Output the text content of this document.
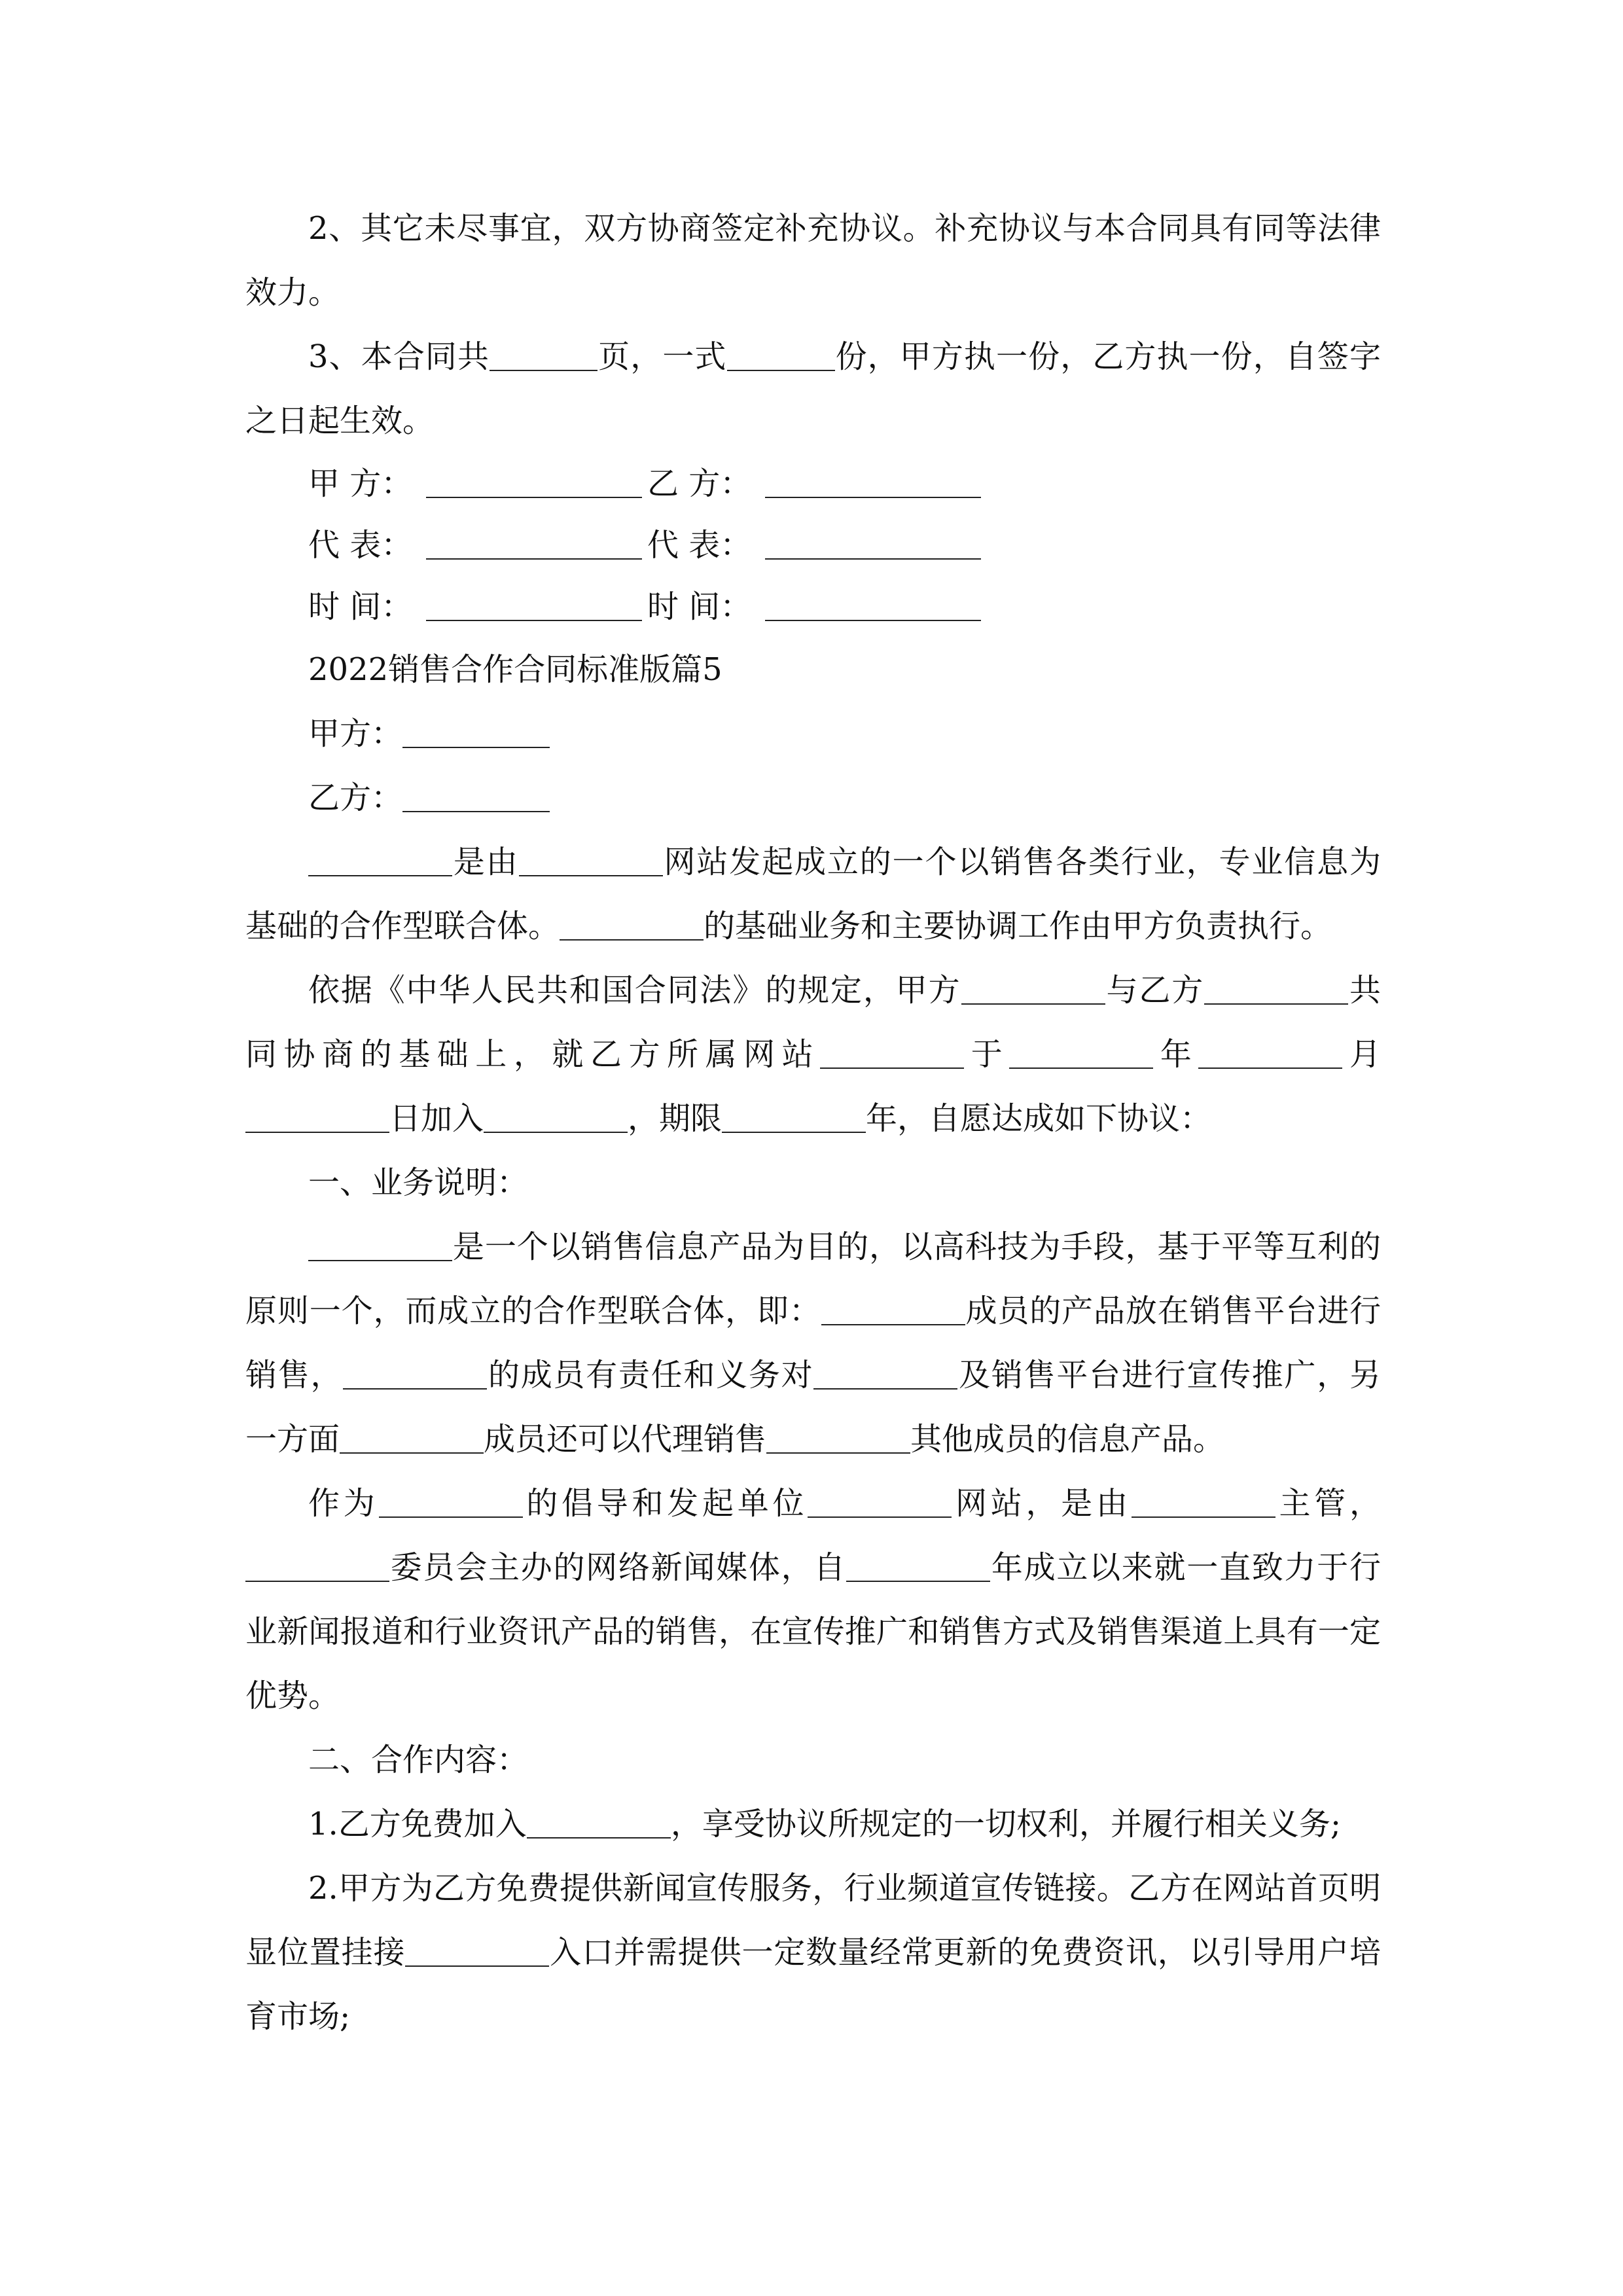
2、其它未尽事宜，双方协商签定补充协议。补充协议与本合同具有同等法律效力。

3、本合同共	页，一式	份，甲方执一份，乙方执一份，自签字之日起生效。

甲 方：	乙 方：
代 表：	代 表：
时 间：	时 间：

2022销售合作合同标准版篇5

甲方：
乙方：

是由	网站发起成立的一个以销售各类行业，专业信息为基础的合作型联合体。	的基础业务和主要协调工作由甲方负责执行。

依据《中华人民共和国合同法》的规定，甲方	与乙方	共同协商的基础上，就乙方所属网站	于	年	月日加入	，期限	年，自愿达成如下协议：

一、业务说明：

是一个以销售信息产品为目的，以高科技为手段，基于平等互利的原则一个，而成立的合作型联合体，即：	成员的产品放在销售平台进行销售，	的成员有责任和义务对	及销售平台进行宣传推广，另一方面	成员还可以代理销售	其他成员的信息产品。

作为	的倡导和发起单位	网站，是由	主管，委员会主办的网络新闻媒体，自	年成立以来就一直致力于行业新闻报道和行业资讯产品的销售，在宣传推广和销售方式及销售渠道上具有一定优势。

二、合作内容：

1.乙方免费加入	，享受协议所规定的一切权利，并履行相关义务;

2.甲方为乙方免费提供新闻宣传服务，行业频道宣传链接。乙方在网站首页明显位置挂接	入口并需提供一定数量经常更新的免费资讯，以引导用户培育市场;
